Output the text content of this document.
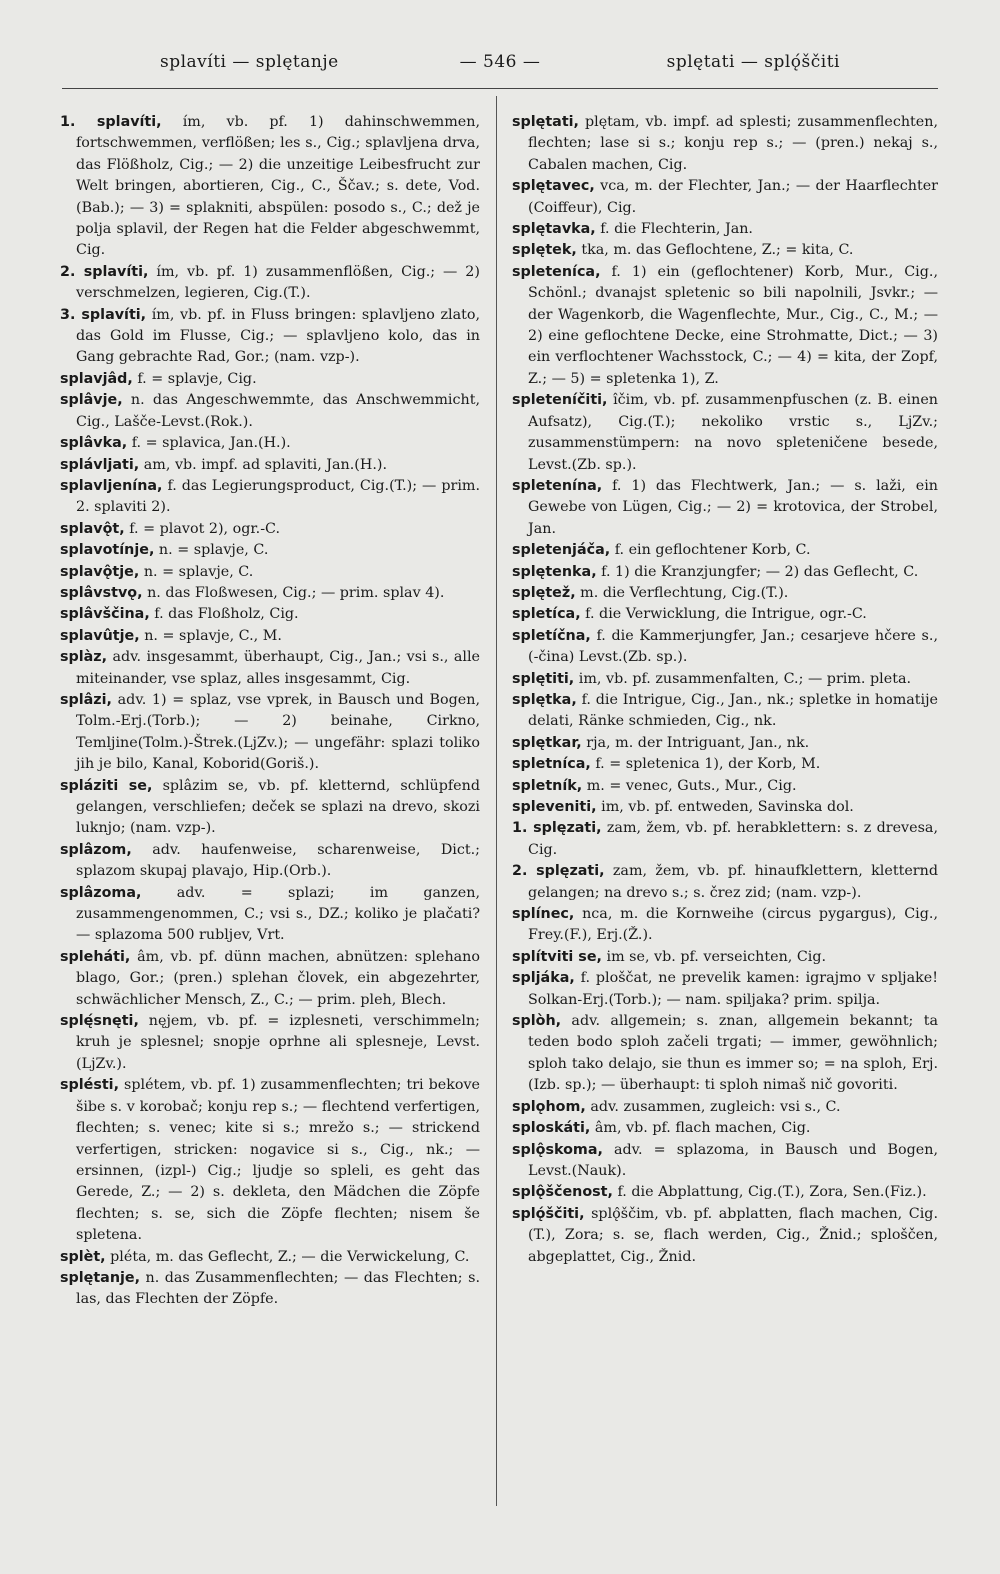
splavíti — splętanje	— 546 —	splętati — splǫ́ščiti
1. splavíti, ím, vb. pf. 1) dahinschwemmen, fortschwemmen, verflößen; les s., Cig.; splavljena drva, das Flößholz, Cig.; — 2) die unzeitige Leibesfrucht zur Welt bringen, abortieren, Cig., C., Ščav.; s. dete, Vod.(Bab.); — 3) = splakniti, abspülen: posodo s., C.; dež je polja splavil, der Regen hat die Felder abgeschwemmt, Cig.
2. splavíti, ím, vb. pf. 1) zusammenflößen, Cig.; — 2) verschmelzen, legieren, Cig.(T.).
3. splavíti, ím, vb. pf. in Fluss bringen: splavljeno zlato, das Gold im Flusse, Cig.; — splavljeno kolo, das in Gang gebrachte Rad, Gor.; (nam. vzp-).
splavjâd, f. = splavje, Cig.
splâvje, n. das Angeschwemmte, das Anschwemmicht, Cig., Lašče-Levst.(Rok.).
splâvka, f. = splavica, Jan.(H.).
splávljati, am, vb. impf. ad splaviti, Jan.(H.).
splavljenína, f. das Legierungsproduct, Cig.(T.); — prim. 2. splaviti 2).
splavǫ̂t, f. = plavot 2), ogr.-C.
splavotínje, n. = splavje, C.
splavǫ̂tje, n. = splavje, C.
splâvstvǫ, n. das Floßwesen, Cig.; — prim. splav 4).
splâvščina, f. das Floßholz, Cig.
splavûtje, n. = splavje, C., M.
splàz, adv. insgesammt, überhaupt, Cig., Jan.; vsi s., alle miteinander, vse splaz, alles insgesammt, Cig.
splâzi, adv. 1) = splaz, vse vprek, in Bausch und Bogen, Tolm.-Erj.(Torb.); — 2) beinahe, Cirkno, Temljine(Tolm.)-Štrek.(LjZv.); — ungefähr: splazi toliko jih je bilo, Kanal, Koborid(Goriš.).
spláziti se, splâzim se, vb. pf. kletternd, schlüpfend gelangen, verschliefen; deček se splazi na drevo, skozi luknjo; (nam. vzp-).
splâzom, adv. haufenweise, scharenweise, Dict.; splazom skupaj plavajo, Hip.(Orb.).
splâzoma, adv. = splazi; im ganzen, zusammengenommen, C.; vsi s., DZ.; koliko je plačati? — splazoma 500 rubljev, Vrt.
spleháti, âm, vb. pf. dünn machen, abnützen: splehano blago, Gor.; (pren.) splehan človek, ein abgezehrter, schwächlicher Mensch, Z., C.; — prim. pleh, Blech.
splę́snęti, nęjem, vb. pf. = izplesneti, verschimmeln; kruh je splesnel; snopje oprhne ali splesneje, Levst.(LjZv.).
splésti, splétem, vb. pf. 1) zusammenflechten; tri bekove šibe s. v korobač; konju rep s.; — flechtend verfertigen, flechten; s. venec; kite si s.; mrežo s.; — strickend verfertigen, stricken: nogavice si s., Cig., nk.; — ersinnen, (izpl-) Cig.; ljudje so spleli, es geht das Gerede, Z.; — 2) s. dekleta, den Mädchen die Zöpfe flechten; s. se, sich die Zöpfe flechten; nisem še spletena.
splèt, pléta, m. das Geflecht, Z.; — die Verwickelung, C.
splętanje, n. das Zusammenflechten; — das Flechten; s. las, das Flechten der Zöpfe.
splętati, plętam, vb. impf. ad splesti; zusammenflechten, flechten; lase si s.; konju rep s.; — (pren.) nekaj s., Cabalen machen, Cig.
splętavec, vca, m. der Flechter, Jan.; — der Haarflechter (Coiffeur), Cig.
splętavka, f. die Flechterin, Jan.
splętek, tka, m. das Geflochtene, Z.; = kita, C.
spleteníca, f. 1) ein (geflochtener) Korb, Mur., Cig., Schönl.; dvanajst spletenic so bili napolnili, Jsvkr.; — der Wagenkorb, die Wagenflechte, Mur., Cig., C., M.; — 2) eine geflochtene Decke, eine Strohmatte, Dict.; — 3) ein verflochtener Wachsstock, C.; — 4) = kita, der Zopf, Z.; — 5) = spletenka 1), Z.
spleteníčiti, îčim, vb. pf. zusammenpfuschen (z. B. einen Aufsatz), Cig.(T.); nekoliko vrstic s., LjZv.; zusammenstümpern: na novo spleteničene besede, Levst.(Zb. sp.).
spletenína, f. 1) das Flechtwerk, Jan.; — s. laži, ein Gewebe von Lügen, Cig.; — 2) = krotovica, der Strobel, Jan.
spletenjáča, f. ein geflochtener Korb, C.
splętenka, f. 1) die Kranzjungfer; — 2) das Geflecht, C.
splętež, m. die Verflechtung, Cig.(T.).
spletíca, f. die Verwicklung, die Intrigue, ogr.-C.
spletíčna, f. die Kammerjungfer, Jan.; cesarjeve hčere s., (-čina) Levst.(Zb. sp.).
splętiti, im, vb. pf. zusammenfalten, C.; — prim. pleta.
splętka, f. die Intrigue, Cig., Jan., nk.; spletke in homatije delati, Ränke schmieden, Cig., nk.
splętkar, rja, m. der Intriguant, Jan., nk.
spletníca, f. = spletenica 1), der Korb, M.
spletník, m. = venec, Guts., Mur., Cig.
spleveniti, im, vb. pf. entweden, Savinska dol.
1. splęzati, zam, žem, vb. pf. herabklettern: s. z drevesa, Cig.
2. splęzati, zam, žem, vb. pf. hinaufklettern, kletternd gelangen; na drevo s.; s. črez zid; (nam. vzp-).
splínec, nca, m. die Kornweihe (circus pygargus), Cig., Frey.(F.), Erj.(Ž.).
splítviti se, im se, vb. pf. verseichten, Cig.
spljáka, f. ploščat, ne prevelik kamen: igrajmo v spljake! Solkan-Erj.(Torb.); — nam. spiljaka? prim. spilja.
splòh, adv. allgemein; s. znan, allgemein bekannt; ta teden bodo sploh začeli trgati; — immer, gewöhnlich; sploh tako delajo, sie thun es immer so; = na sploh, Erj.(Izb. sp.); — überhaupt: ti sploh nimaš nič govoriti.
splǫhom, adv. zusammen, zugleich: vsi s., C.
sploskáti, âm, vb. pf. flach machen, Cig.
splǫ̂skoma, adv. = splazoma, in Bausch und Bogen, Levst.(Nauk).
splǫ̂ščenost, f. die Abplattung, Cig.(T.), Zora, Sen.(Fiz.).
splǫ́ščiti, splǫ̂ščim, vb. pf. abplatten, flach machen, Cig.(T.), Zora; s. se, flach werden, Cig., Žnid.; sploščen, abgeplattet, Cig., Žnid.
